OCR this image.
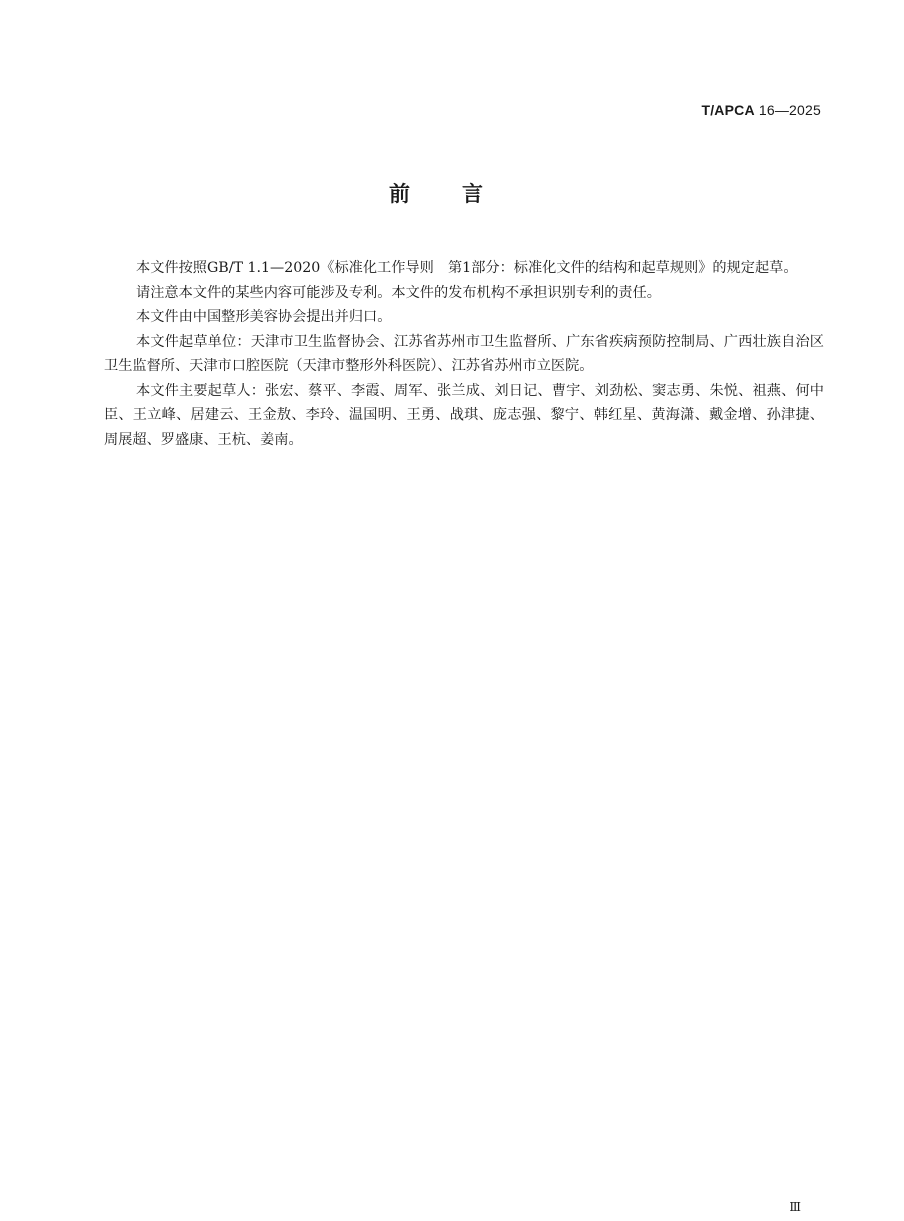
T/APCA 16—2025
前言

本文件按照GB/T 1.1—2020《标准化工作导则　第1部分：标准化文件的结构和起草规则》的规定起草。

请注意本文件的某些内容可能涉及专利。本文件的发布机构不承担识别专利的责任。

本文件由中国整形美容协会提出并归口。

本文件起草单位：天津市卫生监督协会、江苏省苏州市卫生监督所、广东省疾病预防控制局、广西壮族自治区卫生监督所、天津市口腔医院（天津市整形外科医院）、江苏省苏州市立医院。

本文件主要起草人：张宏、蔡平、李霞、周军、张兰成、刘日记、曹宇、刘劲松、窦志勇、朱悦、祖燕、何中臣、王立峰、居建云、王金敖、李玲、温国明、王勇、战琪、庞志强、黎宁、韩红星、黄海潇、戴金增、孙津捷、周展超、罗盛康、王杭、姜南。

Ⅲ
